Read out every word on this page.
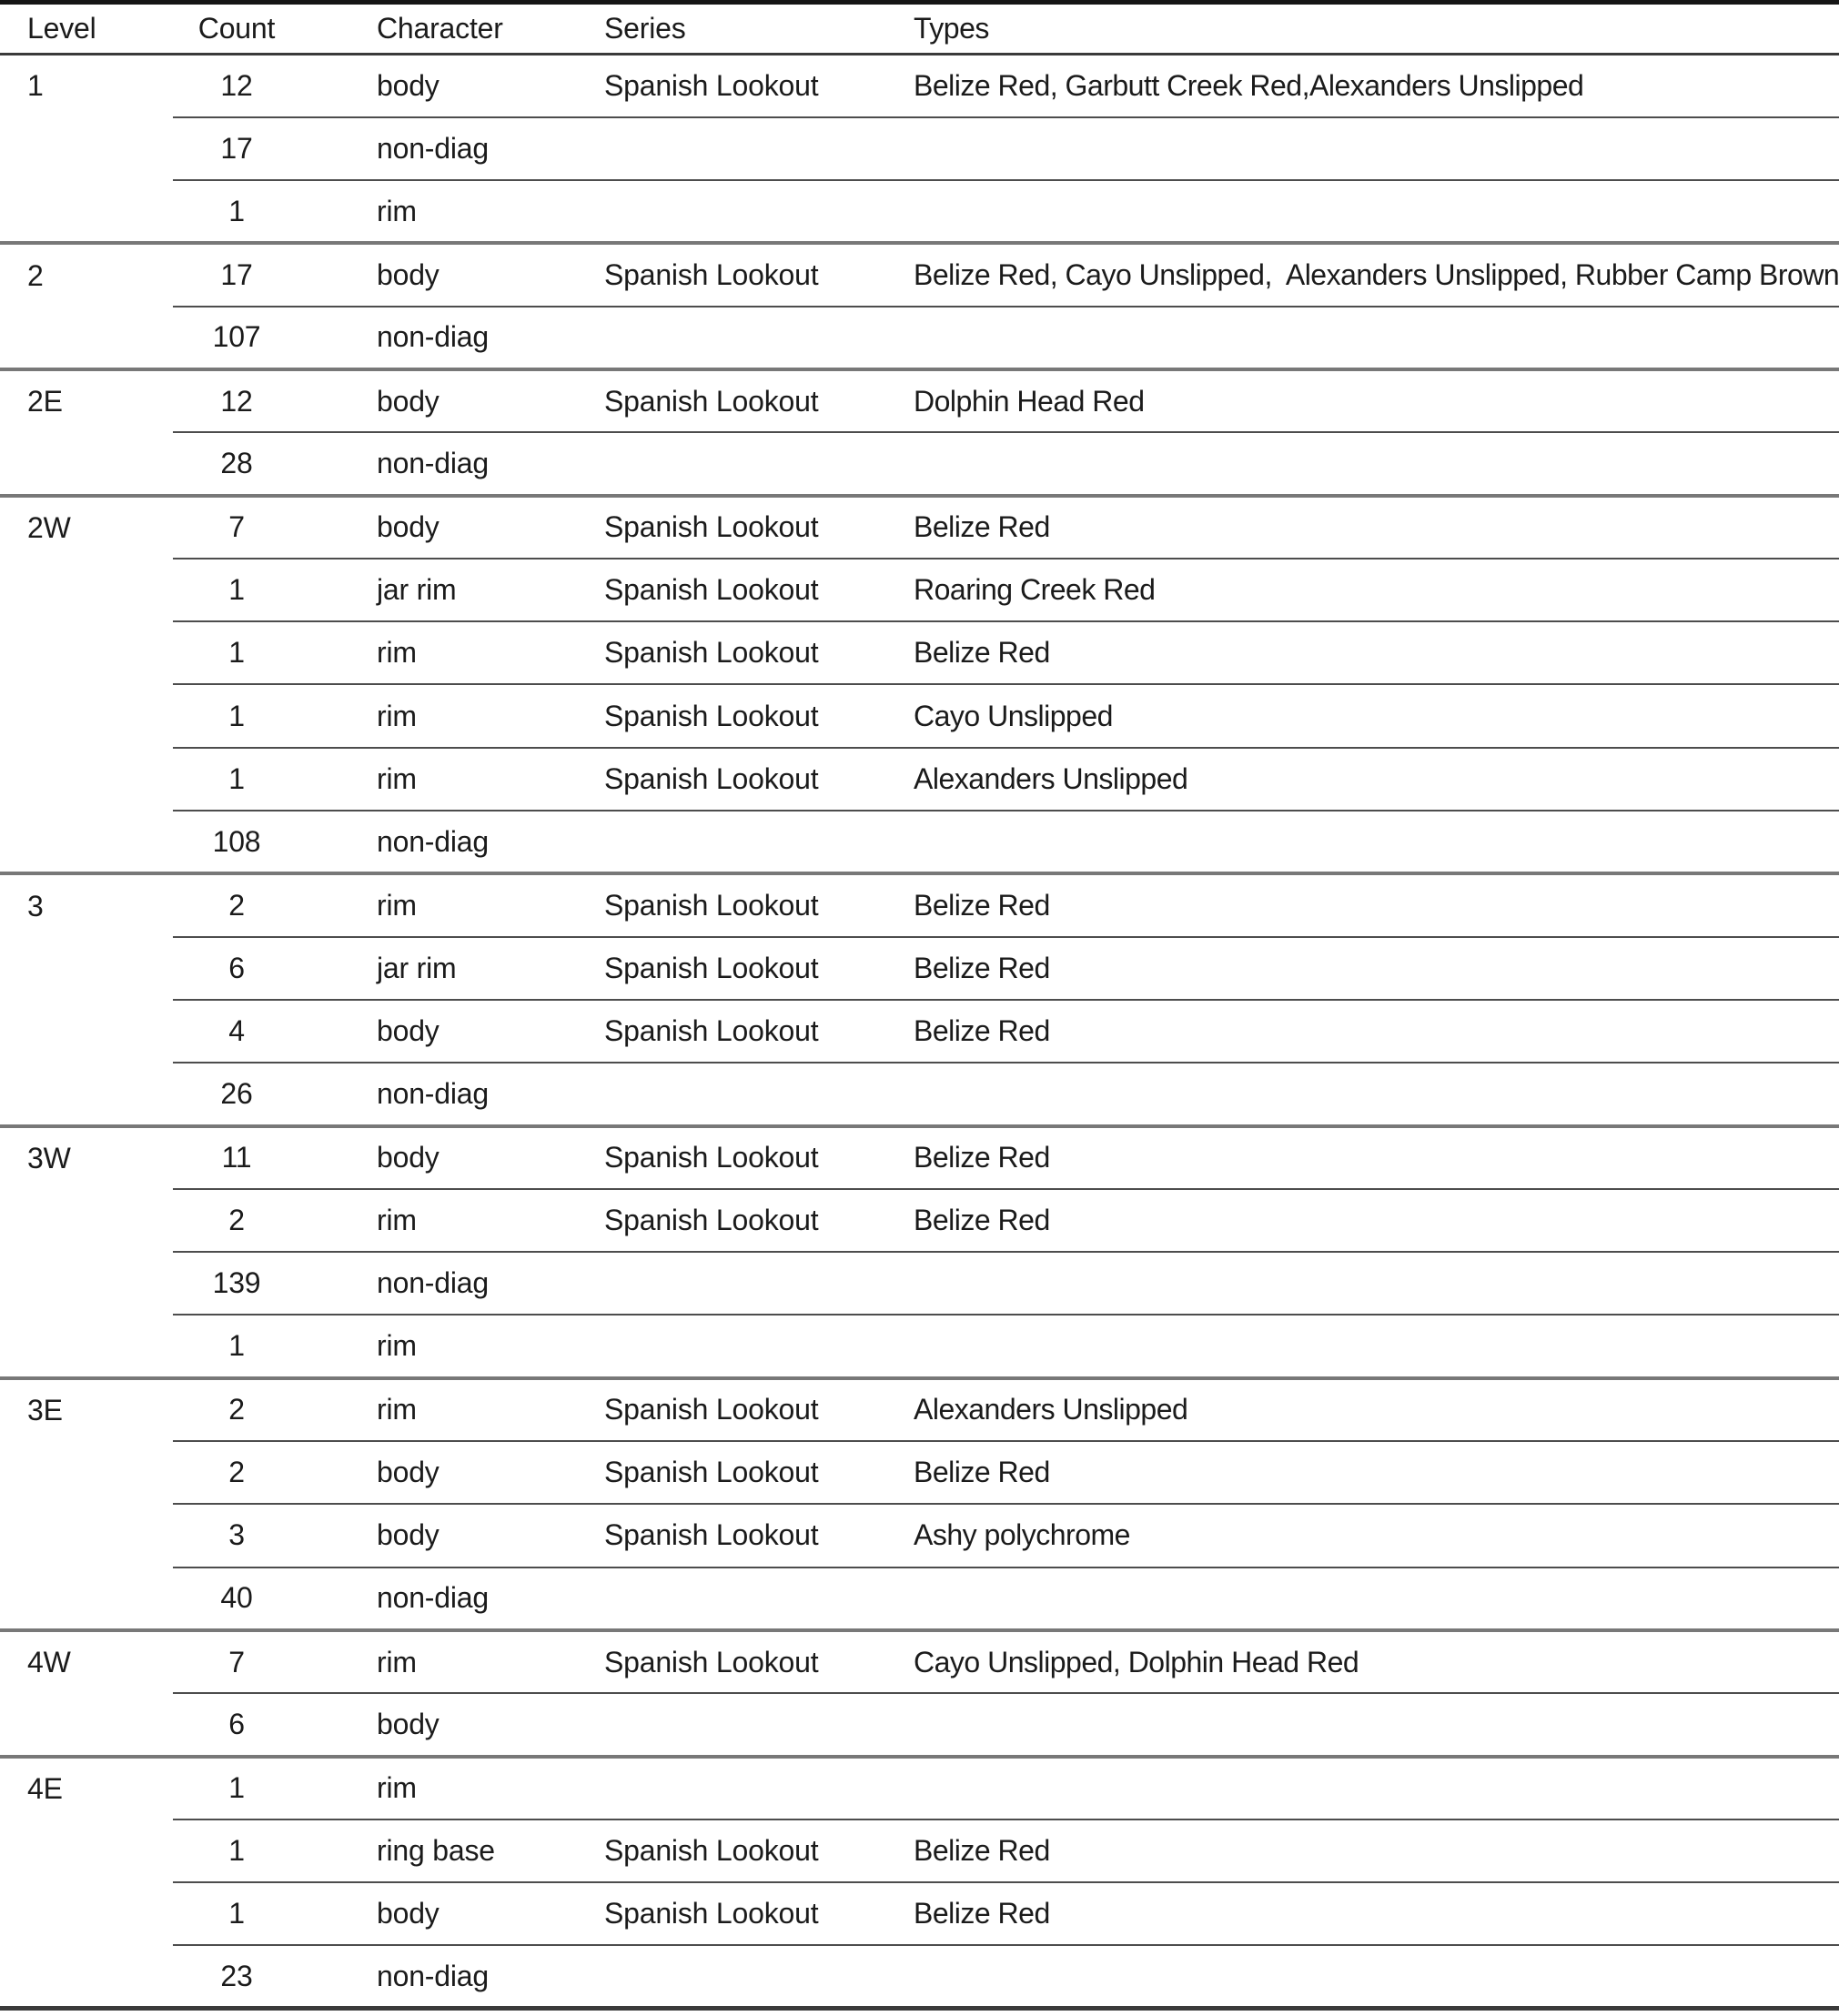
Level	Count	Character	Series	Types
1	12	body	Spanish Lookout	Belize Red, Garbutt Creek Red,Alexanders Unslipped
	17	non-diag		
	1	rim		
2	17	body	Spanish Lookout	Belize Red, Cayo Unslipped,  Alexanders Unslipped, Rubber Camp Brown
	107	non-diag		
2E	12	body	Spanish Lookout	Dolphin Head Red
	28	non-diag		
2W	7	body	Spanish Lookout	Belize Red
	1	jar rim	Spanish Lookout	Roaring Creek Red
	1	rim	Spanish Lookout	Belize Red
	1	rim	Spanish Lookout	Cayo Unslipped
	1	rim	Spanish Lookout	Alexanders Unslipped
	108	non-diag		
3	2	rim	Spanish Lookout	Belize Red
	6	jar rim	Spanish Lookout	Belize Red
	4	body	Spanish Lookout	Belize Red
	26	non-diag		
3W	11	body	Spanish Lookout	Belize Red
	2	rim	Spanish Lookout	Belize Red
	139	non-diag		
	1	rim		
3E	2	rim	Spanish Lookout	Alexanders Unslipped
	2	body	Spanish Lookout	Belize Red
	3	body	Spanish Lookout	Ashy polychrome
	40	non-diag		
4W	7	rim	Spanish Lookout	Cayo Unslipped, Dolphin Head Red
	6	body		
4E	1	rim		
	1	ring base	Spanish Lookout	Belize Red
	1	body	Spanish Lookout	Belize Red
	23	non-diag		
